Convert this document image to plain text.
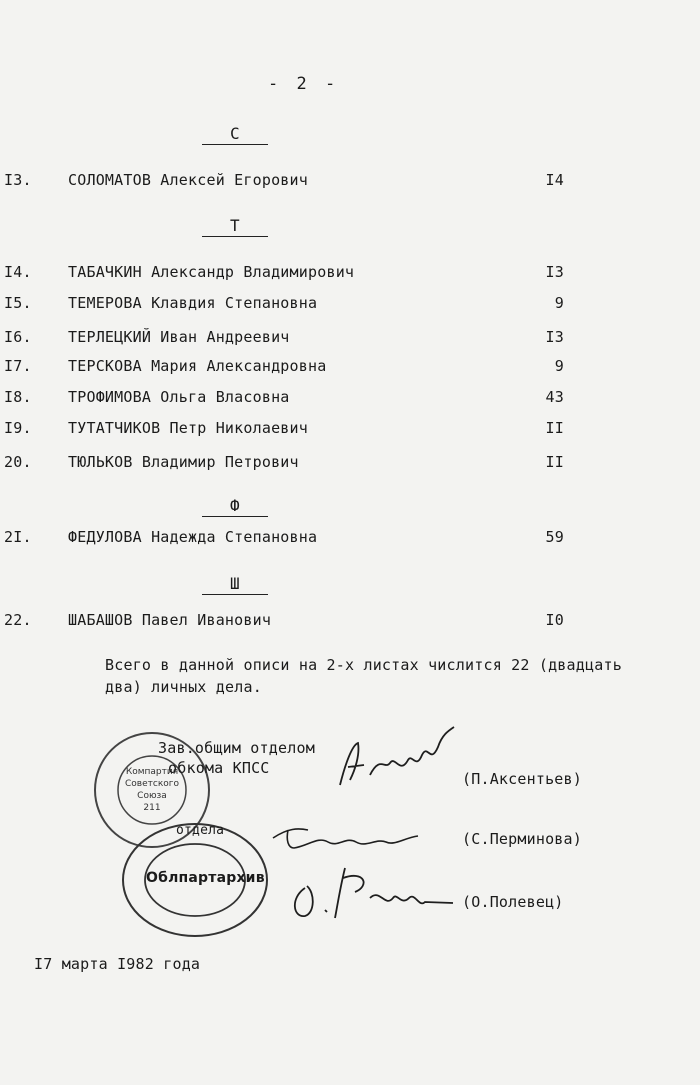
- 2 -
С
I3. СОЛОМАТОВ Алексей Егорович	I4
Т
I4. ТАБАЧКИН Александр Владимирович	I3
I5. ТЕМЕРОВА Клавдия Степановна	9
I6. ТЕРЛЕЦКИЙ Иван Андреевич	I3
I7. ТЕРСКОВА Мария Александровна	9
I8. ТРОФИМОВА Ольга Власовна	43
I9. ТУТАТЧИКОВ Петр Николаевич	II
20. ТЮЛЬКОВ Владимир Петрович	II
Ф
2I. ФЕДУЛОВА Надежда Степановна	59
Ш
22. ШАБАШОВ Павел Иванович	I0
Всего в данной описи на 2-х листах числится 22 (двадцать два) личных дела.
Компартия
Советского
Союза
211
Зав.общим отделом
обкома КПСС
(П.Аксентьев)
(С.Перминова)
отдела
Облпартархив
(О.Полевец)
I7 марта I982 года
